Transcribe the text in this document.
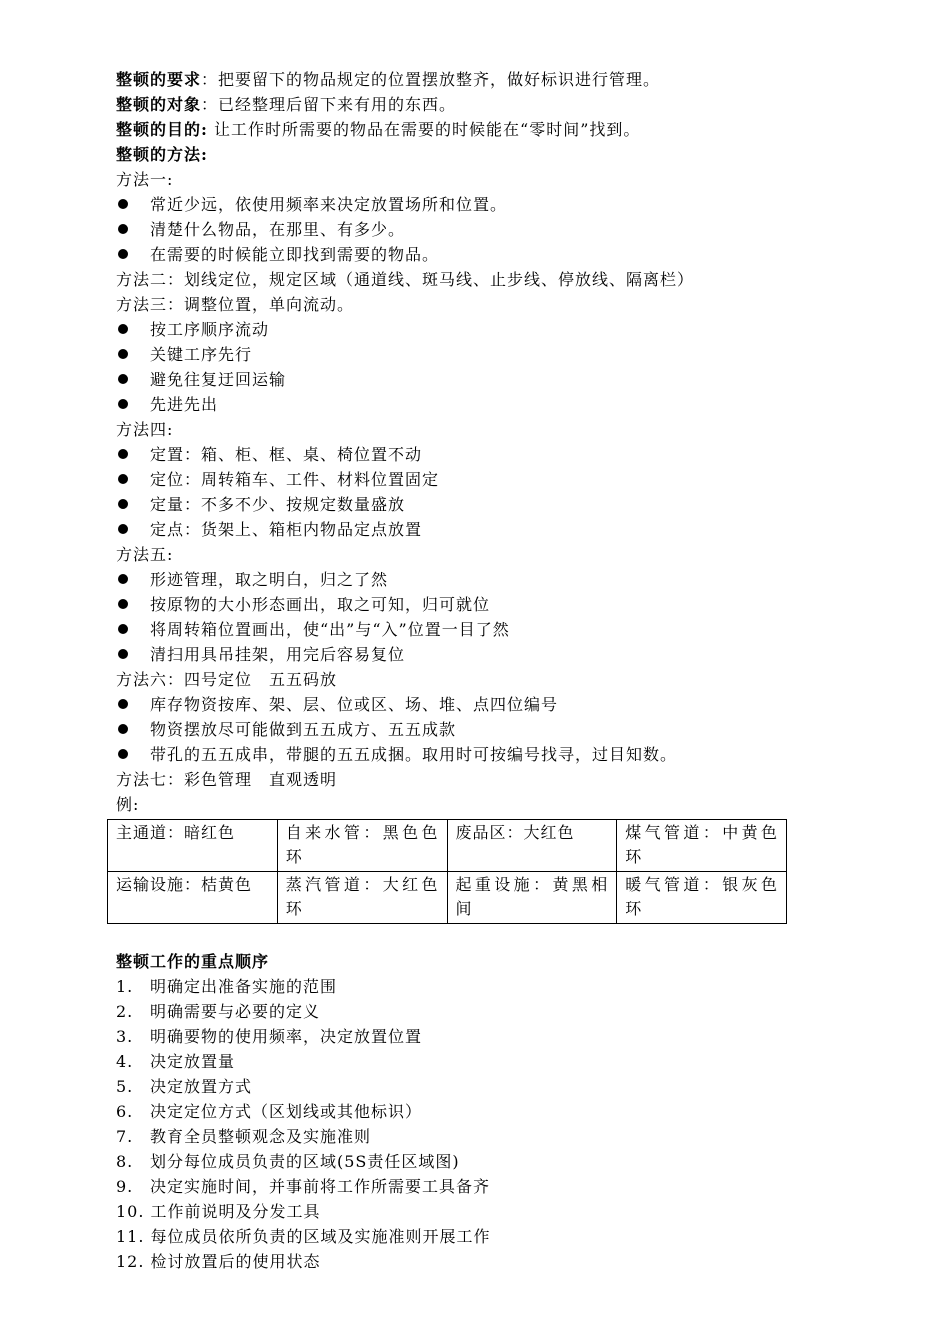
整顿的要求：把要留下的物品规定的位置摆放整齐，做好标识进行管理。
整顿的对象：已经整理后留下来有用的东西。
整顿的目的: 让工作时所需要的物品在需要的时候能在“零时间”找到。
整顿的方法:
方法一:
常近少远，依使用频率来决定放置场所和位置。
清楚什么物品，在那里、有多少。
在需要的时候能立即找到需要的物品。
方法二：划线定位，规定区域（通道线、斑马线、止步线、停放线、隔离栏）
方法三：调整位置，单向流动。
按工序顺序流动
关键工序先行
避免往复迂回运输
先进先出
方法四:
定置：箱、柜、框、桌、椅位置不动
定位：周转箱车、工件、材料位置固定
定量：不多不少、按规定数量盛放
定点：货架上、箱柜内物品定点放置
方法五:
形迹管理，取之明白，归之了然
按原物的大小形态画出，取之可知，归可就位
将周转箱位置画出，使“出”与“入”位置一目了然
清扫用具吊挂架，用完后容易复位
方法六：四号定位　五五码放
库存物资按库、架、层、位或区、场、堆、点四位编号
物资摆放尽可能做到五五成方、五五成款
带孔的五五成串，带腿的五五成捆。取用时可按编号找寻，过目知数。
方法七：彩色管理　直观透明
例:
主通道：暗红色	自来水管：黑色色环	废品区：大红色	煤气管道：中黄色环
运输设施：桔黄色	蒸汽管道：大红色环	起重设施：黄黑相间	暖气管道：银灰色环
整顿工作的重点顺序
1. 明确定出准备实施的范围
2. 明确需要与必要的定义
3. 明确要物的使用频率，决定放置位置
4. 决定放置量
5. 决定放置方式
6. 决定定位方式（区划线或其他标识）
7. 教育全员整顿观念及实施准则
8. 划分每位成员负责的区域(5S责任区域图)
9. 决定实施时间，并事前将工作所需要工具备齐
10. 工作前说明及分发工具
11. 每位成员依所负责的区域及实施准则开展工作
12. 检讨放置后的使用状态
